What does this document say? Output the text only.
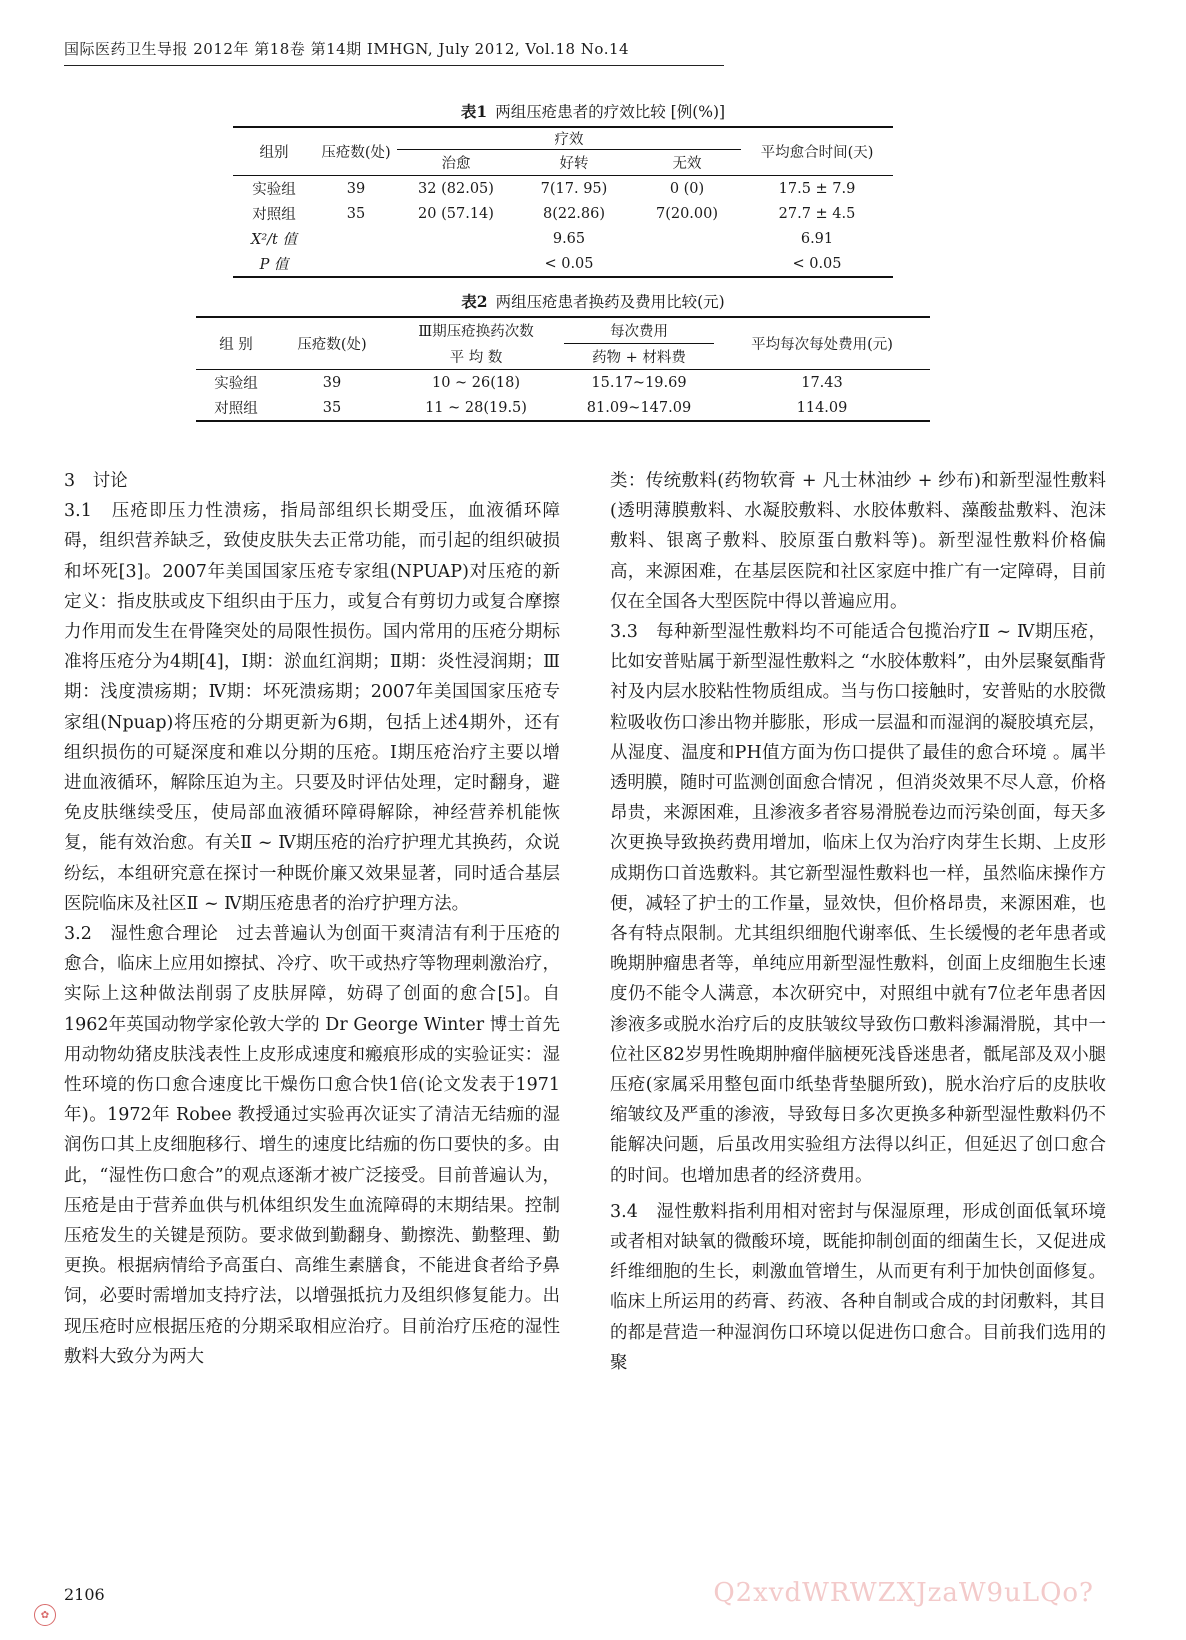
国际医药卫生导报 2012年 第18卷 第14期 IMHGN, July 2012, Vol.18 No.14
表1 两组压疮患者的疗效比较 [例(%)]
组别	压疮数(处)	疗效			平均愈合时间(天)
		治愈	好转	无效	
实验组	39	32 (82.05)	7(17. 95)	0 (0)	17.5 ± 7.9
对照组	35	20 (57.14)	8(22.86)	7(20.00)	27.7 ± 4.5
X²/t 值		9.65			6.91
P 值		< 0.05			< 0.05
表2 两组压疮患者换药及费用比较(元)
组 别	压疮数(处)	Ⅲ期压疮换药次数	每次费用	平均每次每处费用(元)
		平 均 数	药物 + 材料费	
实验组	39	10 ~ 26(18)	15.17~19.69	17.43
对照组	35	11 ~ 28(19.5)	81.09~147.09	114.09

3　讨论

3.1　压疮即压力性溃疡，指局部组织长期受压，血液循环障碍，组织营养缺乏，致使皮肤失去正常功能，而引起的组织破损和坏死[3]。2007年美国国家压疮专家组(NPUAP)对压疮的新定义：指皮肤或皮下组织由于压力，或复合有剪切力或复合摩擦力作用而发生在骨隆突处的局限性损伤。国内常用的压疮分期标准将压疮分为4期[4]，Ⅰ期：淤血红润期；Ⅱ期：炎性浸润期；Ⅲ期：浅度溃疡期；Ⅳ期：坏死溃疡期；2007年美国国家压疮专家组(Npuap)将压疮的分期更新为6期，包括上述4期外，还有组织损伤的可疑深度和难以分期的压疮。Ⅰ期压疮治疗主要以增进血液循环，解除压迫为主。只要及时评估处理，定时翻身，避免皮肤继续受压，使局部血液循环障碍解除，神经营养机能恢复，能有效治愈。有关Ⅱ ~ Ⅳ期压疮的治疗护理尤其换药，众说纷纭，本组研究意在探讨一种既价廉又效果显著，同时适合基层医院临床及社区Ⅱ ~ Ⅳ期压疮患者的治疗护理方法。

3.2　湿性愈合理论　过去普遍认为创面干爽清洁有利于压疮的愈合，临床上应用如擦拭、冷疗、吹干或热疗等物理刺激治疗，实际上这种做法削弱了皮肤屏障，妨碍了创面的愈合[5]。自1962年英国动物学家伦敦大学的 Dr George Winter 博士首先用动物幼猪皮肤浅表性上皮形成速度和瘢痕形成的实验证实：湿性环境的伤口愈合速度比干燥伤口愈合快1倍(论文发表于1971年)。1972年 Robee 教授通过实验再次证实了清洁无结痂的湿润伤口其上皮细胞移行、增生的速度比结痂的伤口要快的多。由此，“湿性伤口愈合”的观点逐渐才被广泛接受。目前普遍认为，压疮是由于营养血供与机体组织发生血流障碍的末期结果。控制压疮发生的关键是预防。要求做到勤翻身、勤擦洗、勤整理、勤更换。根据病情给予高蛋白、高维生素膳食，不能进食者给予鼻饲，必要时需增加支持疗法，以增强抵抗力及组织修复能力。出现压疮时应根据压疮的分期采取相应治疗。目前治疗压疮的湿性敷料大致分为两大

类：传统敷料(药物软膏 + 凡士林油纱 + 纱布)和新型湿性敷料(透明薄膜敷料、水凝胶敷料、水胶体敷料、藻酸盐敷料、泡沫敷料、银离子敷料、胶原蛋白敷料等)。新型湿性敷料价格偏高，来源困难，在基层医院和社区家庭中推广有一定障碍，目前仅在全国各大型医院中得以普遍应用。

3.3　每种新型湿性敷料均不可能适合包揽治疗Ⅱ ~ Ⅳ期压疮，比如安普贴属于新型湿性敷料之 “水胶体敷料”，由外层聚氨酯背衬及内层水胶粘性物质组成。当与伤口接触时，安普贴的水胶微粒吸收伤口渗出物并膨胀，形成一层温和而湿润的凝胶填充层，从湿度、温度和PH值方面为伤口提供了最佳的愈合环境 。属半透明膜，随时可监测创面愈合情况 ，但消炎效果不尽人意，价格昂贵，来源困难，且渗液多者容易滑脱卷边而污染创面，每天多次更换导致换药费用增加，临床上仅为治疗肉芽生长期、上皮形成期伤口首选敷料。其它新型湿性敷料也一样，虽然临床操作方便，减轻了护士的工作量，显效快，但价格昂贵，来源困难，也各有特点限制。尤其组织细胞代谢率低、生长缓慢的老年患者或晚期肿瘤患者等，单纯应用新型湿性敷料，创面上皮细胞生长速度仍不能令人满意，本次研究中，对照组中就有7位老年患者因渗液多或脱水治疗后的皮肤皱纹导致伤口敷料渗漏滑脱，其中一位社区82岁男性晚期肿瘤伴脑梗死浅昏迷患者，骶尾部及双小腿压疮(家属采用整包面巾纸垫背垫腿所致)，脱水治疗后的皮肤收缩皱纹及严重的渗液，导致每日多次更换多种新型湿性敷料仍不能解决问题，后虽改用实验组方法得以纠正，但延迟了创口愈合的时间。也增加患者的经济费用。

3.4　湿性敷料指利用相对密封与保湿原理，形成创面低氧环境或者相对缺氧的微酸环境，既能抑制创面的细菌生长，又促进成纤维细胞的生长，刺激血管增生，从而更有利于加快创面修复。临床上所运用的药膏、药液、各种自制或合成的封闭敷料，其目的都是营造一种湿润伤口环境以促进伤口愈合。目前我们选用的聚

2106
✿
Q2xvdWRWZXJzaW9uLQo?
